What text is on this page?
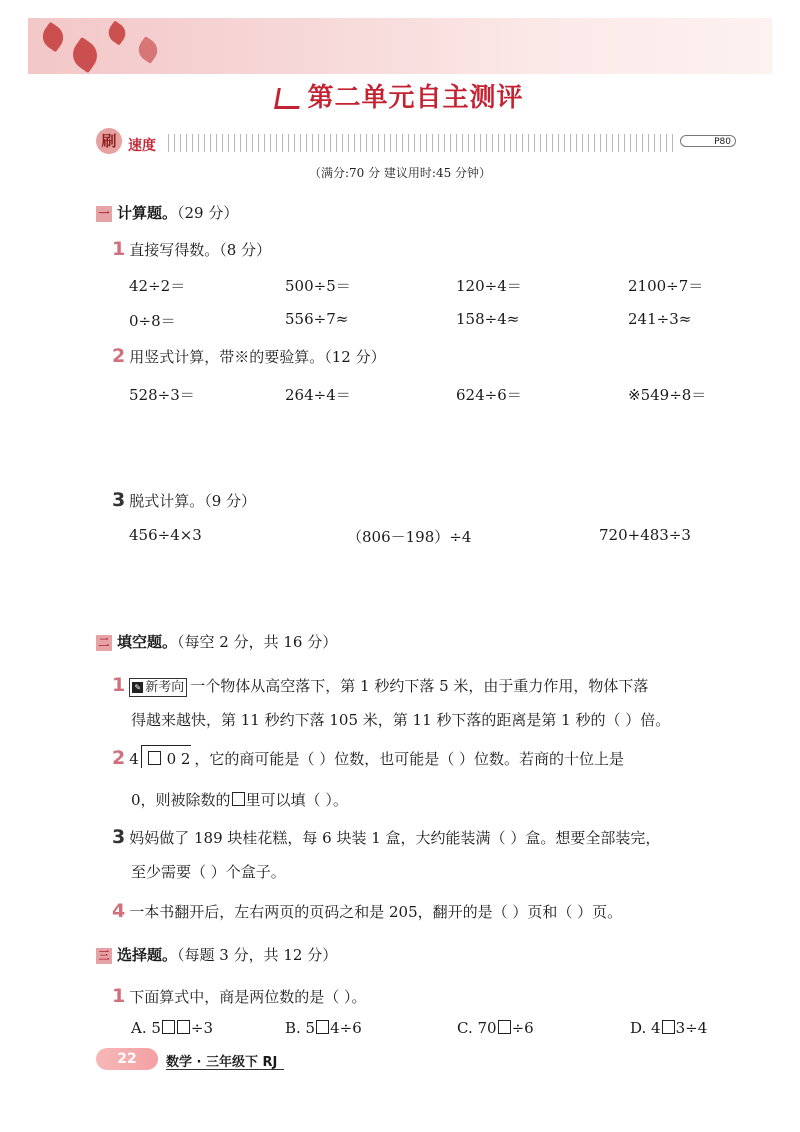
第二单元自主测评
刷 速度	P80
（满分:70 分 建议用时:45 分钟）
一 计算题。（29 分）
1 直接写得数。（8 分）
42÷2＝	500÷5＝	120÷4＝	2100÷7＝
0÷8＝	556÷7≈	158÷4≈	241÷3≈
2 用竖式计算，带※的要验算。（12 分）
528÷3＝	264÷4＝	624÷6＝	※549÷8＝
3 脱式计算。（9 分）
456÷4×3	（806－198）÷4	720+483÷3
二 填空题。（每空 2 分，共 16 分）
1 ✎ 新考向 一个物体从高空落下，第 1 秒约下落 5 米，由于重力作用，物体下落
得越来越快，第 11 秒约下落 105 米，第 11 秒下落的距离是第 1 秒的（ ）倍。
2 4 0 2 ，它的商可能是（ ）位数，也可能是（ ）位数。若商的十位上是
0，则被除数的 里可以填（ ）。
3 妈妈做了 189 块桂花糕，每 6 块装 1 盒，大约能装满（ ）盒。想要全部装完，
至少需要（ ）个盒子。
4 一本书翻开后，左右两页的页码之和是 205，翻开的是（ ）页和（ ）页。
三 选择题。（每题 3 分，共 12 分）
1 下面算式中，商是两位数的是（ ）。
A. 5 ÷3	B. 5 4÷6	C. 70 ÷6	D. 4 3÷4
22	数学 · 三年级下 RJ
